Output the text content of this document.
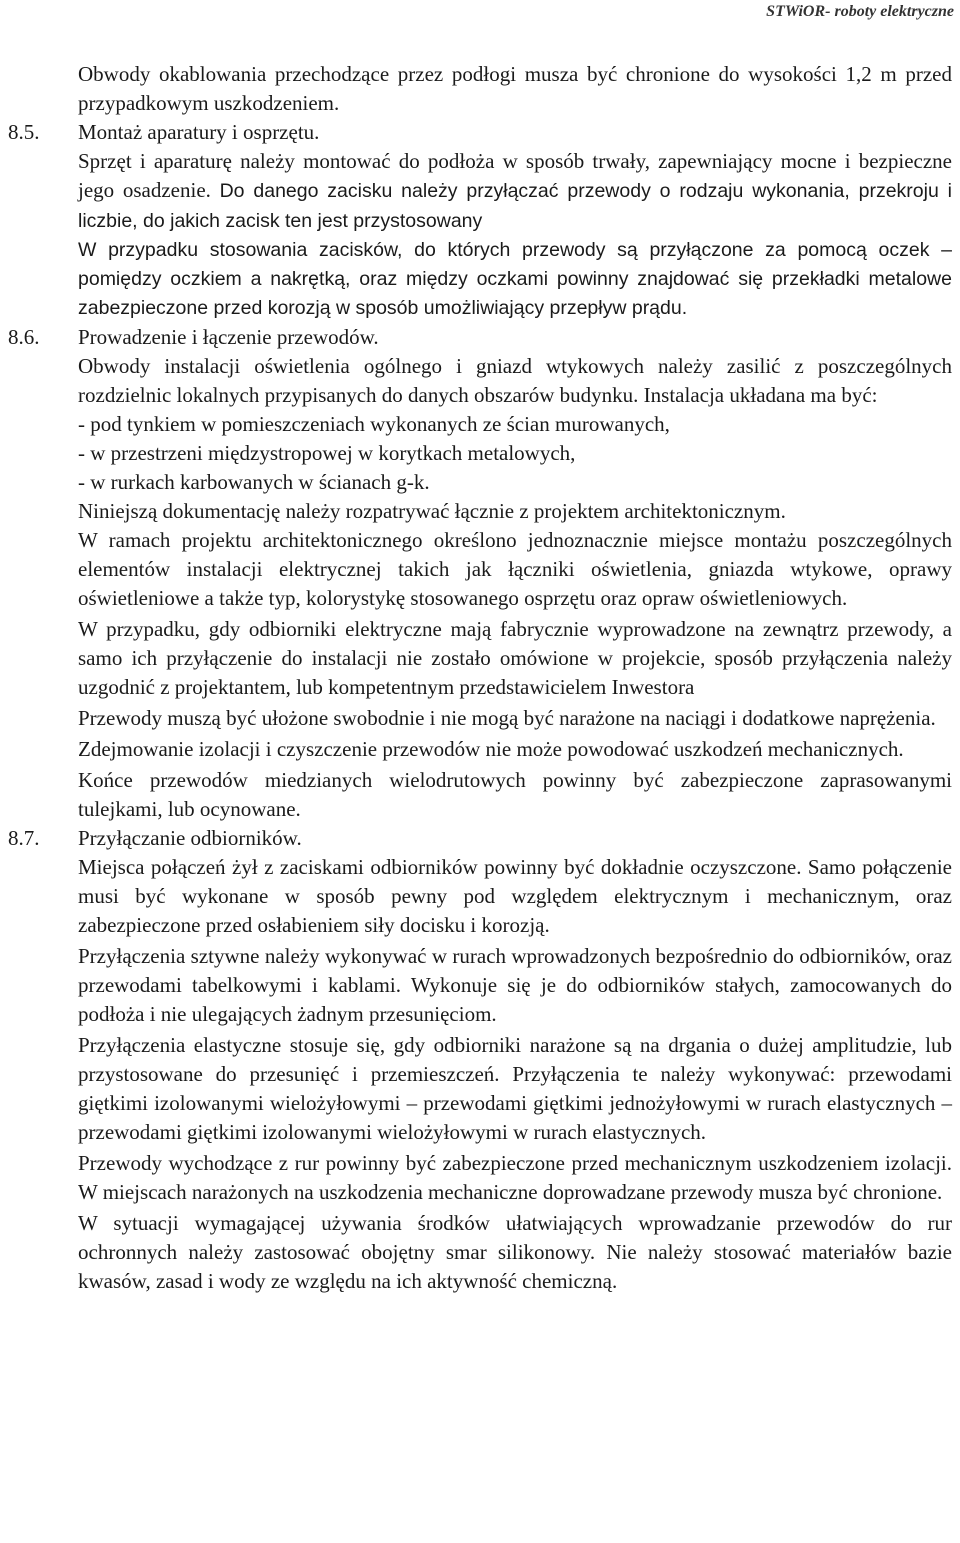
STWiOR- roboty elektryczne
Obwody okablowania przechodzące przez podłogi musza być chronione do wysokości 1,2 m przed przypadkowym uszkodzeniem.
8.5.	Montaż aparatury i osprzętu.
Sprzęt i aparaturę należy montować do podłoża w sposób trwały, zapewniający mocne i bezpieczne jego osadzenie. Do danego zacisku należy przyłączać przewody o rodzaju wykonania, przekroju i liczbie, do jakich zacisk ten jest przystosowany
W przypadku stosowania zacisków, do których przewody są przyłączone za pomocą oczek – pomiędzy oczkiem a nakrętką, oraz między oczkami powinny znajdować się przekładki metalowe zabezpieczone przed korozją w sposób umożliwiający przepływ prądu.
8.6.	Prowadzenie i łączenie przewodów.
Obwody instalacji oświetlenia ogólnego i gniazd wtykowych należy zasilić z poszczególnych rozdzielnic lokalnych przypisanych do danych obszarów budynku. Instalacja układana ma być:
- pod tynkiem w pomieszczeniach wykonanych ze ścian murowanych,
- w przestrzeni międzystropowej w korytkach metalowych,
- w rurkach karbowanych w ścianach g-k.
Niniejszą dokumentację należy rozpatrywać łącznie z projektem architektonicznym.
W ramach projektu architektonicznego określono jednoznacznie miejsce montażu poszczególnych elementów instalacji elektrycznej takich jak łączniki oświetlenia, gniazda wtykowe, oprawy oświetleniowe a także typ, kolorystykę stosowanego osprzętu oraz opraw oświetleniowych.
W przypadku, gdy odbiorniki elektryczne mają fabrycznie wyprowadzone na zewnątrz przewody, a samo ich przyłączenie do instalacji nie zostało omówione w projekcie, sposób przyłączenia należy uzgodnić z projektantem, lub kompetentnym przedstawicielem Inwestora
Przewody muszą być ułożone swobodnie i nie mogą być narażone na naciągi i dodatkowe naprężenia.
Zdejmowanie izolacji i czyszczenie przewodów nie może powodować uszkodzeń mechanicznych.
Końce przewodów miedzianych wielodrutowych powinny być zabezpieczone zaprasowanymi tulejkami, lub ocynowane.
8.7.	Przyłączanie odbiorników.
Miejsca połączeń żył z zaciskami odbiorników powinny być dokładnie oczyszczone. Samo połączenie musi być wykonane w sposób pewny pod względem elektrycznym i mechanicznym, oraz zabezpieczone przed osłabieniem siły docisku i korozją.
Przyłączenia sztywne należy wykonywać w rurach wprowadzonych bezpośrednio do odbiorników, oraz przewodami tabelkowymi i kablami. Wykonuje się je do odbiorników stałych, zamocowanych do podłoża i nie ulegających żadnym przesunięciom.
Przyłączenia elastyczne stosuje się, gdy odbiorniki narażone są na drgania o dużej amplitudzie, lub przystosowane do przesunięć i przemieszczeń. Przyłączenia te należy wykonywać: przewodami giętkimi izolowanymi wielożyłowymi – przewodami giętkimi jednożyłowymi w rurach elastycznych – przewodami giętkimi izolowanymi wielożyłowymi w rurach elastycznych.
Przewody wychodzące z rur powinny być zabezpieczone przed mechanicznym uszkodzeniem izolacji. W miejscach narażonych na uszkodzenia mechaniczne doprowadzane przewody musza być chronione.
W sytuacji wymagającej używania środków ułatwiających wprowadzanie przewodów do rur ochronnych należy zastosować obojętny smar silikonowy. Nie należy stosować materiałów bazie kwasów, zasad i wody ze względu na ich aktywność chemiczną.
